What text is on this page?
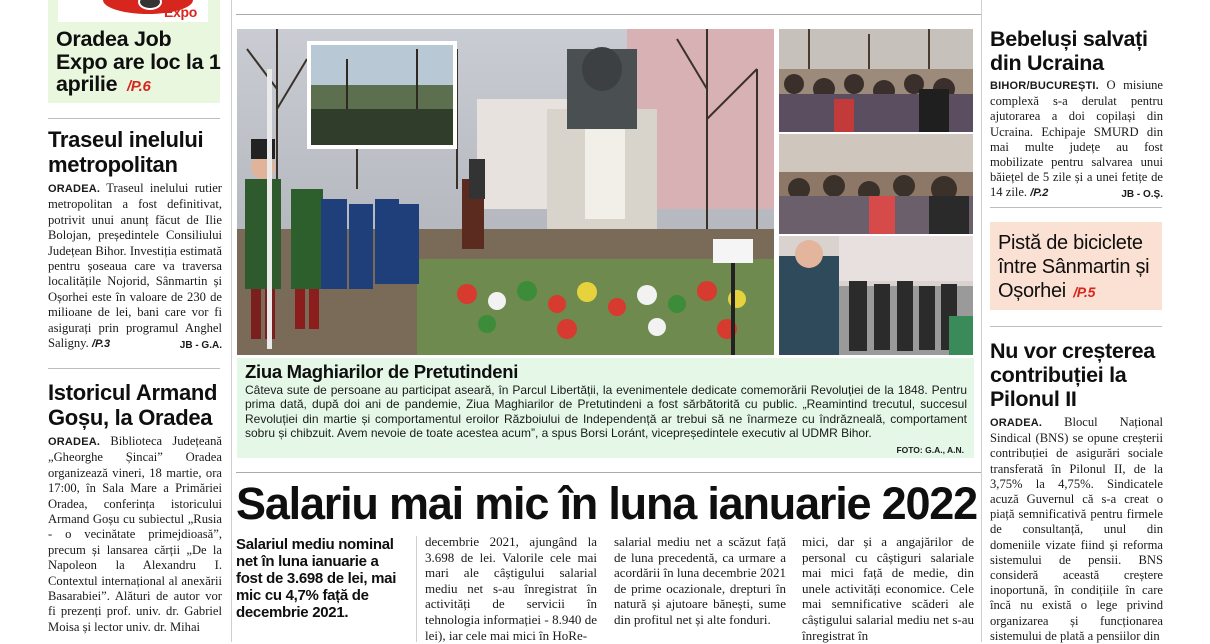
Expo
Oradea Job Expo are loc la 1 aprilie /P.6
Traseul inelului metropolitan
ORADEA. Traseul inelului rutier metropolitan a fost definitivat, potrivit unui anunț făcut de Ilie Bolojan, președintele Consiliului Județean Bihor. Investiția estimată pentru șoseaua care va traversa localitățile Nojorid, Sânmartin și Oșorhei este în valoare de 230 de milioane de lei, bani care vor fi asigurați prin programul Anghel Saligny. /P.3	JB - G.A.
Istoricul Armand Goșu, la Oradea
ORADEA. Biblioteca Județeană „Gheorghe Șincai” Oradea organizează vineri, 18 martie, ora 17:00, în Sala Mare a Primăriei Oradea, conferința istoricului Armand Goșu cu subiectul „Rusia - o vecinătate primejdioasă”, precum și lansarea cărții „De la Napoleon la Alexandru I. Contextul internațional al anexării Basarabiei”. Alături de autor vor fi prezenți prof. univ. dr. Gabriel Moisa și lector univ. dr. Mihai
Ziua Maghiarilor de Pretutindeni
Câteva sute de persoane au participat aseară, în Parcul Libertății, la evenimentele dedicate comemorării Revoluției de la 1848. Pentru prima dată, după doi ani de pandemie, Ziua Maghiarilor de Pretutindeni a fost sărbătorită cu public. „Reamintind trecutul, succesul Revoluției din martie și comportamentul eroilor Războiului de Independență ar trebui să ne înarmeze cu îndrăzneală, comportament sobru și chibzuit. Avem nevoie de toate acestea acum”, a spus Borsi Loránt, vicepreședintele executiv al UDMR Bihor.
FOTO: G.A., A.N.
Salariu mai mic în luna ianuarie 2022
Salariul mediu nominal net în luna ianuarie a fost de 3.698 de lei, mai mic cu 4,7% față de decembrie 2021.
decembrie 2021, ajungând la 3.698 de lei. Valorile cele mai mari ale câștigului salarial mediu net s-au înregistrat în activități de servicii în tehnologia informației - 8.940 de lei), iar cele mai mici în HoRe-
salarial mediu net a scăzut față de luna precedentă, ca urmare a acordării în luna decembrie 2021 de prime ocazionale, drepturi în natură și ajutoare bănești, sume din profitul net și alte fonduri.
mici, dar și a angajărilor de personal cu câștiguri salariale mai mici față de medie, din unele activități economice. Cele mai semnificative scăderi ale câștigului salarial mediu net s-au înregistrat în
Bebeluși salvați din Ucraina
BIHOR/BUCUREȘTI. O misiune complexă s-a derulat pentru ajutorarea a doi copilași din Ucraina. Echipaje SMURD din mai multe județe au fost mobilizate pentru salvarea unui băiețel de 5 zile și a unei fetițe de 14 zile. /P.2	JB - O.Ș.
Pistă de biciclete între Sânmartin și Oșorhei /P.5
Nu vor creșterea contribuției la Pilonul II
ORADEA. Blocul Național Sindical (BNS) se opune creșterii contribuției de asigurări sociale transferată în Pilonul II, de la 3,75% la 4,75%. Sindicatele acuză Guvernul că s-a creat o piață semnificativă pentru firmele de consultanță, unul din domeniile vizate fiind și reforma sistemului de pensii. BNS consideră această creștere inoportună, în condițiile în care încă nu există o lege privind organizarea și funcționarea sistemului de plată a pensiilor din
